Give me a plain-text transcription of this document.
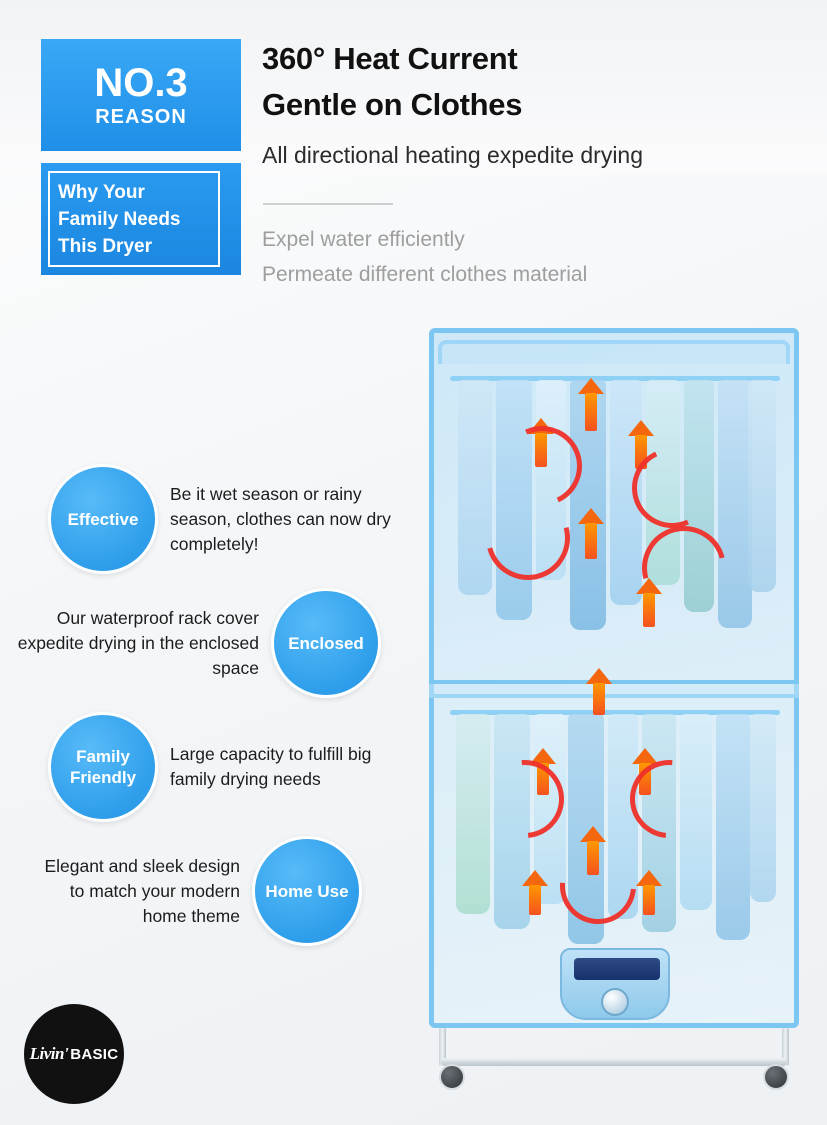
NO.3
REASON
Why Your Family Needs This Dryer
360° Heat Current
Gentle on Clothes
All directional heating expedite drying
Expel water efficiently
Permeate different clothes material
Effective
Be it wet season or rainy season, clothes can now dry completely!
Our waterproof rack cover expedite drying in the enclosed space
Enclosed
Family Friendly
Large capacity to fulfill big family drying needs
Elegant and sleek design to match your modern home theme
Home Use
Livin' BASIC
